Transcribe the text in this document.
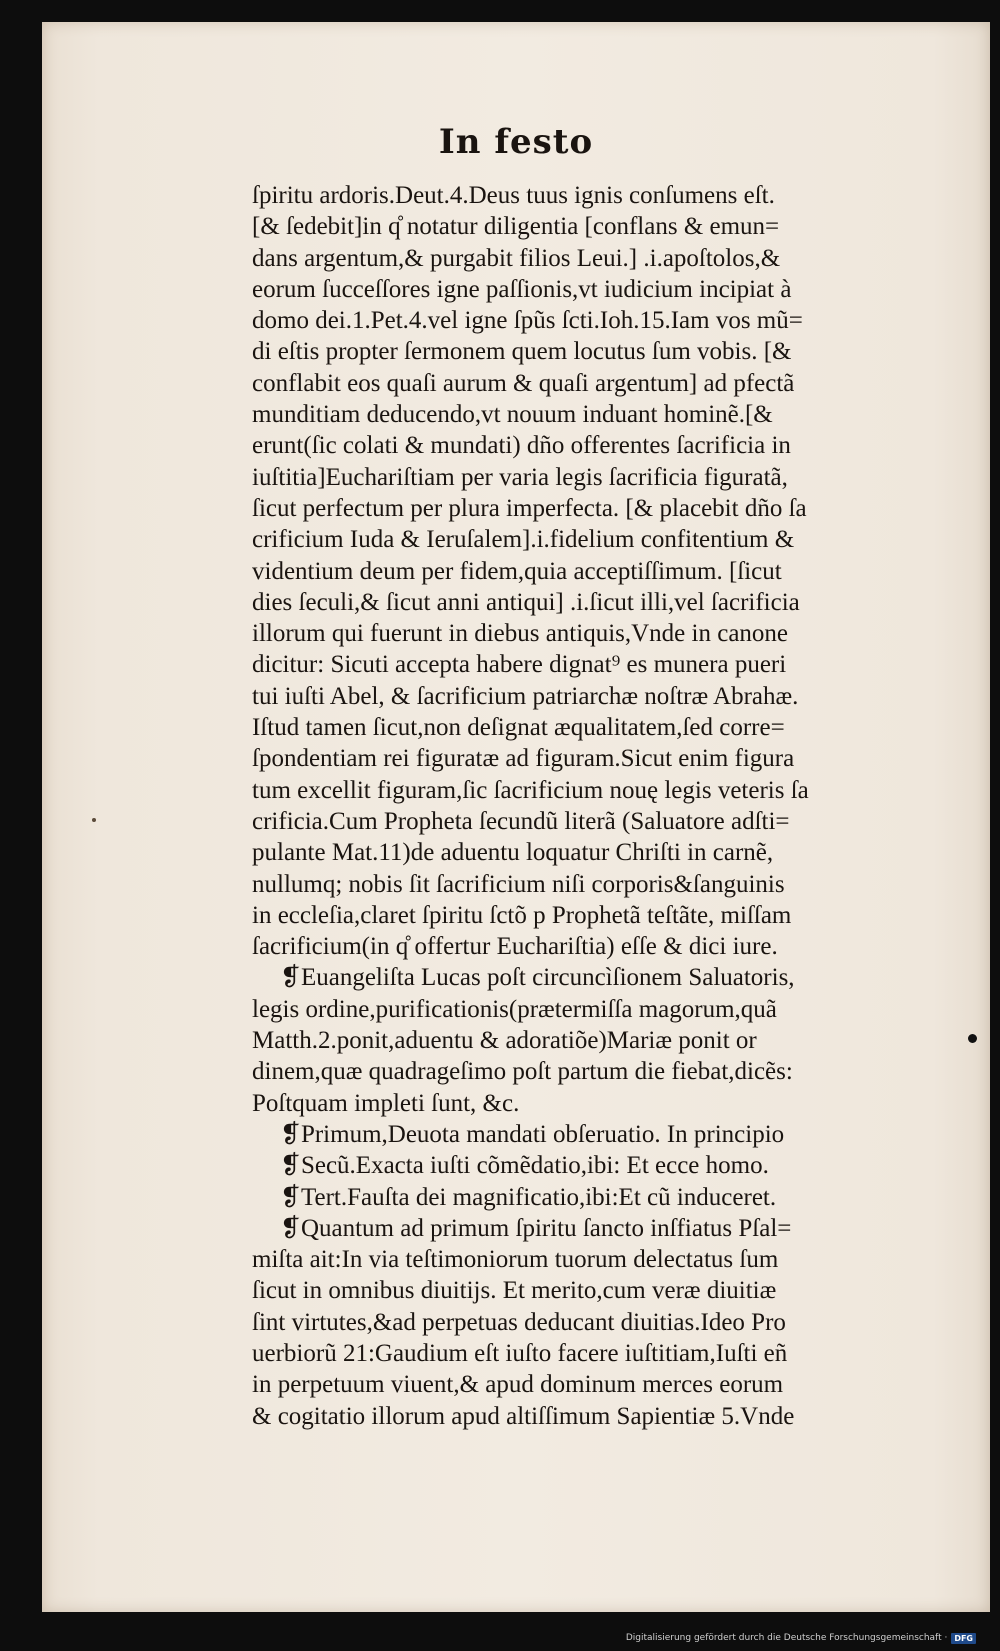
In festo
ſpiritu ardoris.Deut.4.Deus tuus ignis conſumens eſt.
[& ſedebit]in q̊ notatur diligentia [conflans & emun=
dans argentum,& purgabit filios Leui.] .i.apoſtolos,&
eorum ſucceſſores igne paſſionis,vt iudicium incipiat à
domo dei.1.Pet.4.vel igne ſpũs ſcti.Ioh.15.Iam vos mũ=
di eſtis propter ſermonem quem locutus ſum vobis. [&
conflabit eos quaſi aurum & quaſi argentum] ad pfectã
munditiam deducendo,vt nouum induant hominẽ.[&
erunt(ſic colati & mundati) dño offerentes ſacrificia in
iuſtitia]Euchariſtiam per varia legis ſacrificia figuratã,
ſicut perfectum per plura imperfecta. [& placebit dño ſa
crificium Iuda & Ieruſalem].i.fidelium confitentium &
videntium deum per fidem,quia acceptiſſimum. [ſicut
dies ſeculi,& ſicut anni antiqui] .i.ſicut illi,vel ſacrificia
illorum qui fuerunt in diebus antiquis,Vnde in canone
dicitur: Sicuti accepta habere dignat⁹ es munera pueri
tui iuſti Abel, & ſacrificium patriarchæ noſtræ Abrahæ.
Iſtud tamen ſicut,non deſignat æqualitatem,ſed corre=
ſpondentiam rei figuratæ ad figuram.Sicut enim figura
tum excellit figuram,ſic ſacrificium nouę legis veteris ſa
crificia.Cum Propheta ſecundũ literã (Saluatore adſti=
pulante Mat.11)de aduentu loquatur Chriſti in carnẽ,
nullumq; nobis ſit ſacrificium niſi corporis&ſanguinis
in eccleſia,claret ſpiritu ſctõ p Prophetã teſtãte, miſſam
ſacrificium(in q̊ offertur Euchariſtia) eſſe & dici iure.
❡Euangeliſta Lucas poſt circuncìſionem Saluatoris,
legis ordine,purificationis(prætermiſſa magorum,quã
Matth.2.ponit,aduentu & adoratiõe)Mariæ ponit or
dinem,quæ quadrageſimo poſt partum die fiebat,dicẽs:
Poſtquam impleti ſunt, &c.
❡Primum,Deuota mandati obſeruatio. In principio
❡Secũ.Exacta iuſti cõmẽdatio,ibi: Et ecce homo.
❡Tert.Fauſta dei magnificatio,ibi:Et cũ induceret.
❡Quantum ad primum ſpiritu ſancto inſfiatus Pſal=
miſta ait:In via teſtimoniorum tuorum delectatus ſum
ſicut in omnibus diuitijs. Et merito,cum veræ diuitiæ
ſint virtutes,&ad perpetuas deducant diuitias.Ideo Pro
uerbiorũ 21:Gaudium eſt iuſto facere iuſtitiam,Iuſti eñ
in perpetuum viuent,& apud dominum merces eorum
& cogitatio illorum apud altiſſimum Sapientiæ 5.Vnde
Digitalisierung gefördert durch die Deutsche Forschungsgemeinschaft · DFG
